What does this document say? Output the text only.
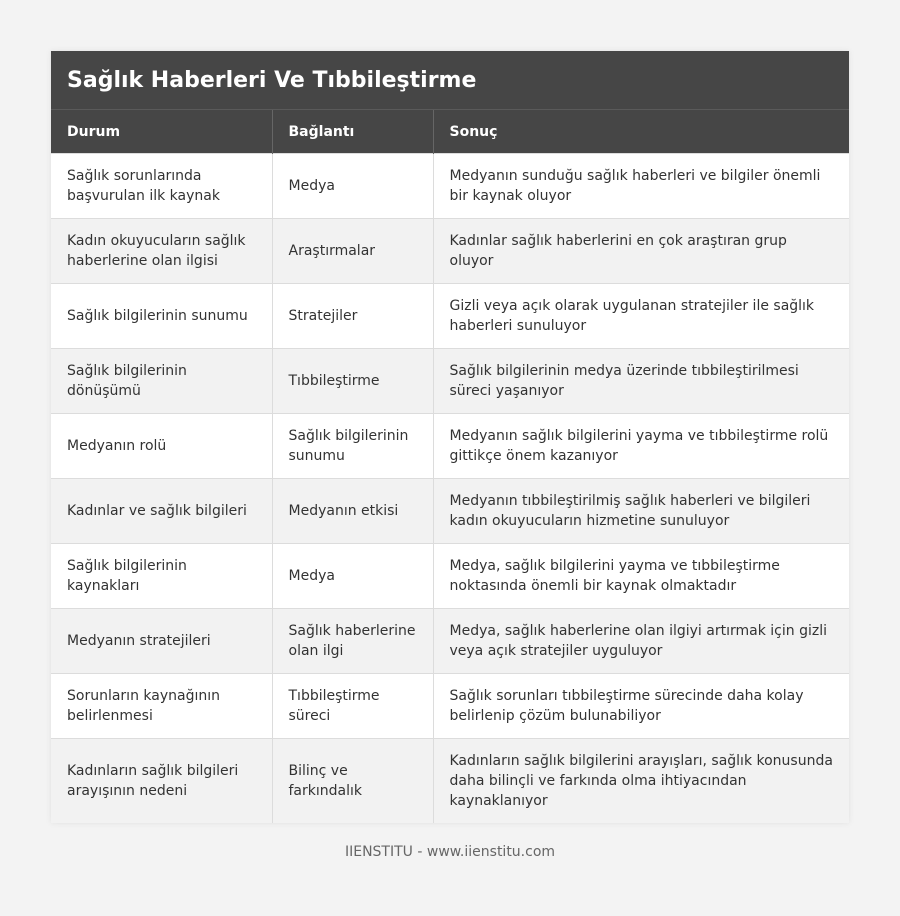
Sağlık Haberleri Ve Tıbbileştirme
Durum	Bağlantı	Sonuç
Sağlık sorunlarında başvurulan ilk kaynak	Medya	Medyanın sunduğu sağlık haberleri ve bilgiler önemli bir kaynak oluyor
Kadın okuyucuların sağlık haberlerine olan ilgisi	Araştırmalar	Kadınlar sağlık haberlerini en çok araştıran grup oluyor
Sağlık bilgilerinin sunumu	Stratejiler	Gizli veya açık olarak uygulanan stratejiler ile sağlık haberleri sunuluyor
Sağlık bilgilerinin dönüşümü	Tıbbileştirme	Sağlık bilgilerinin medya üzerinde tıbbileştirilmesi süreci yaşanıyor
Medyanın rolü	Sağlık bilgilerinin sunumu	Medyanın sağlık bilgilerini yayma ve tıbbileştirme rolü gittikçe önem kazanıyor
Kadınlar ve sağlık bilgileri	Medyanın etkisi	Medyanın tıbbileştirilmiş sağlık haberleri ve bilgileri kadın okuyucuların hizmetine sunuluyor
Sağlık bilgilerinin kaynakları	Medya	Medya, sağlık bilgilerini yayma ve tıbbileştirme noktasında önemli bir kaynak olmaktadır
Medyanın stratejileri	Sağlık haberlerine olan ilgi	Medya, sağlık haberlerine olan ilgiyi artırmak için gizli veya açık stratejiler uyguluyor
Sorunların kaynağının belirlenmesi	Tıbbileştirme süreci	Sağlık sorunları tıbbileştirme sürecinde daha kolay belirlenip çözüm bulunabiliyor
Kadınların sağlık bilgileri arayışının nedeni	Bilinç ve farkındalık	Kadınların sağlık bilgilerini arayışları, sağlık konusunda daha bilinçli ve farkında olma ihtiyacından kaynaklanıyor
IIENSTITU - www.iienstitu.com
